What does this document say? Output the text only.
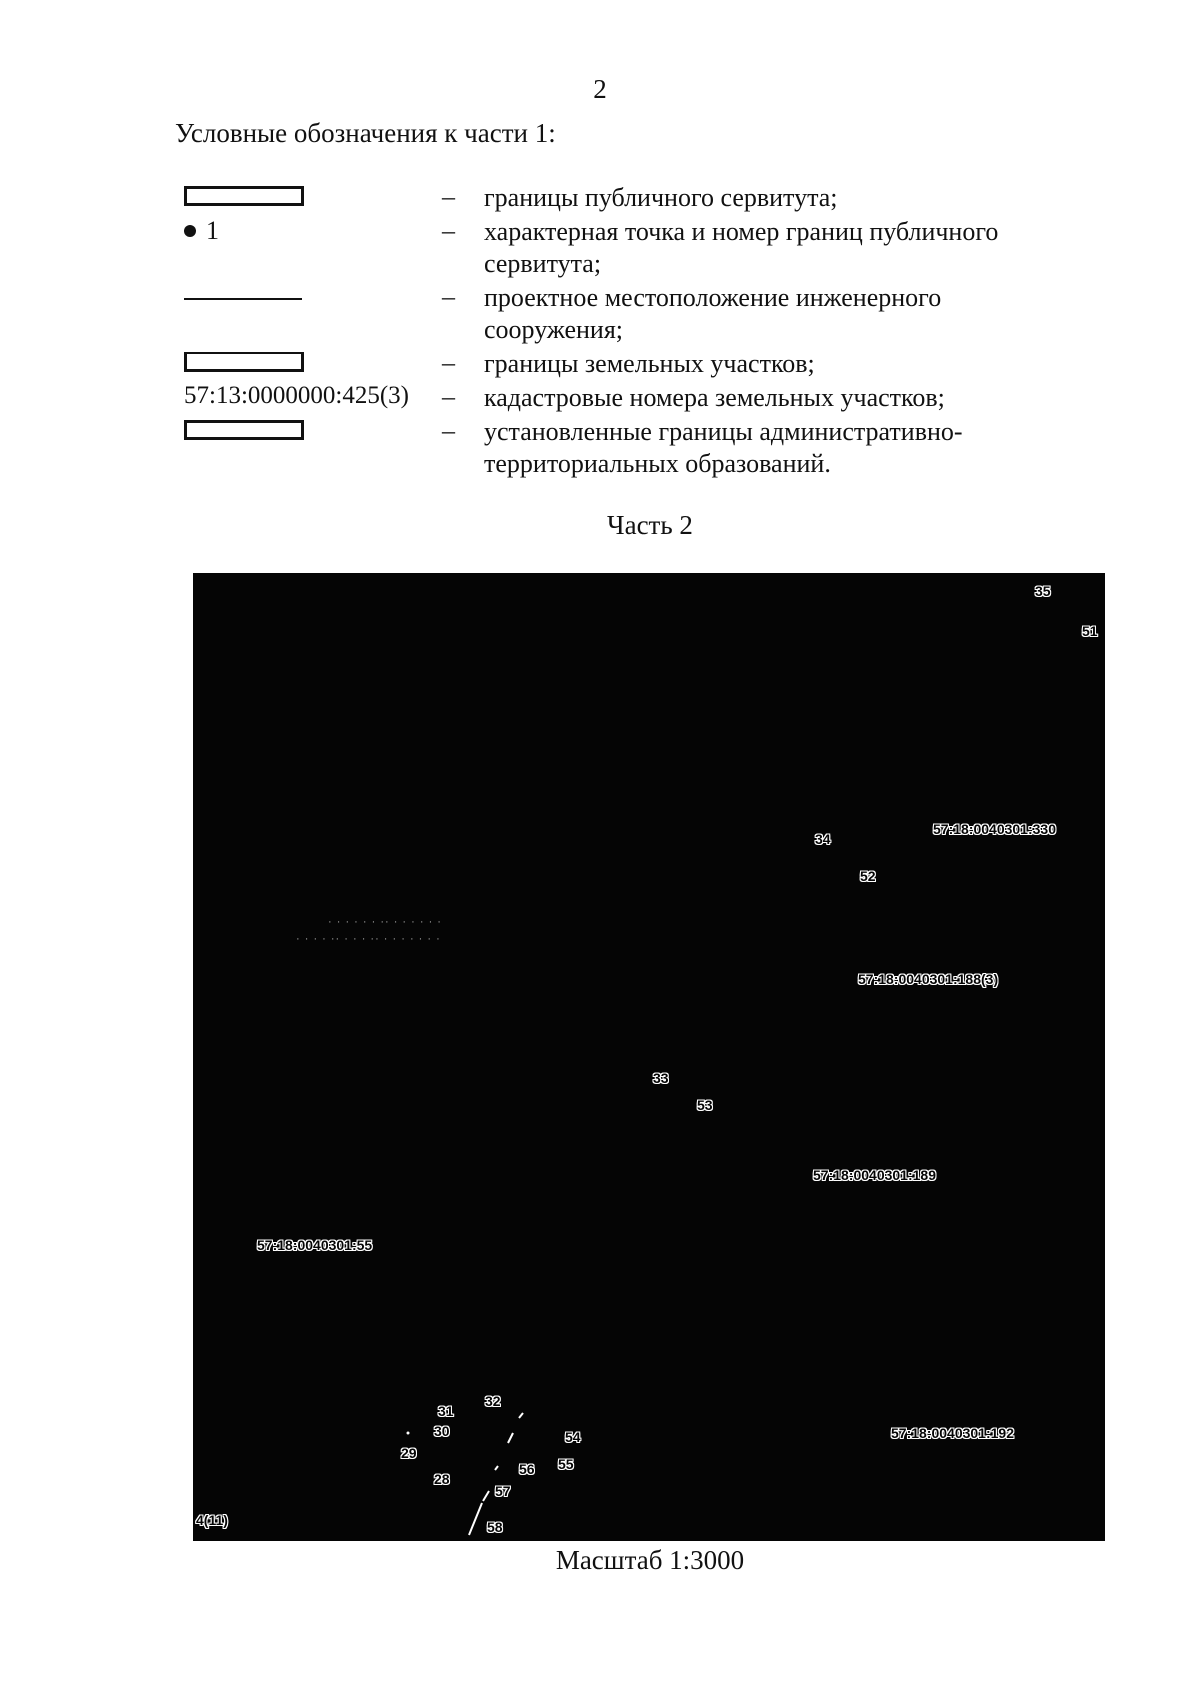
2
Условные обозначения к части 1:
– границы публичного сервитута;
1	– характерная точка и номер границ публичного сервитута;
– проектное местоположение инженерного сооружения;
– границы земельных участков;
57:13:0000000:425(3) – кадастровые номера земельных участков;
– установленные границы административно-территориальных образований.
Часть 2
· · · · · · ·· · · · · · ·
· · · · ·· · · · ·· · · · · · · ·
35
51
34
52
33
53
31
32
30
29
54
56 55
28
57
58
57:18:0040301:330
57:18:0040301:188(3)
57:18:0040301:189
57:18:0040301:55
57:18:0040301:192
4(11)
Масштаб 1:3000
